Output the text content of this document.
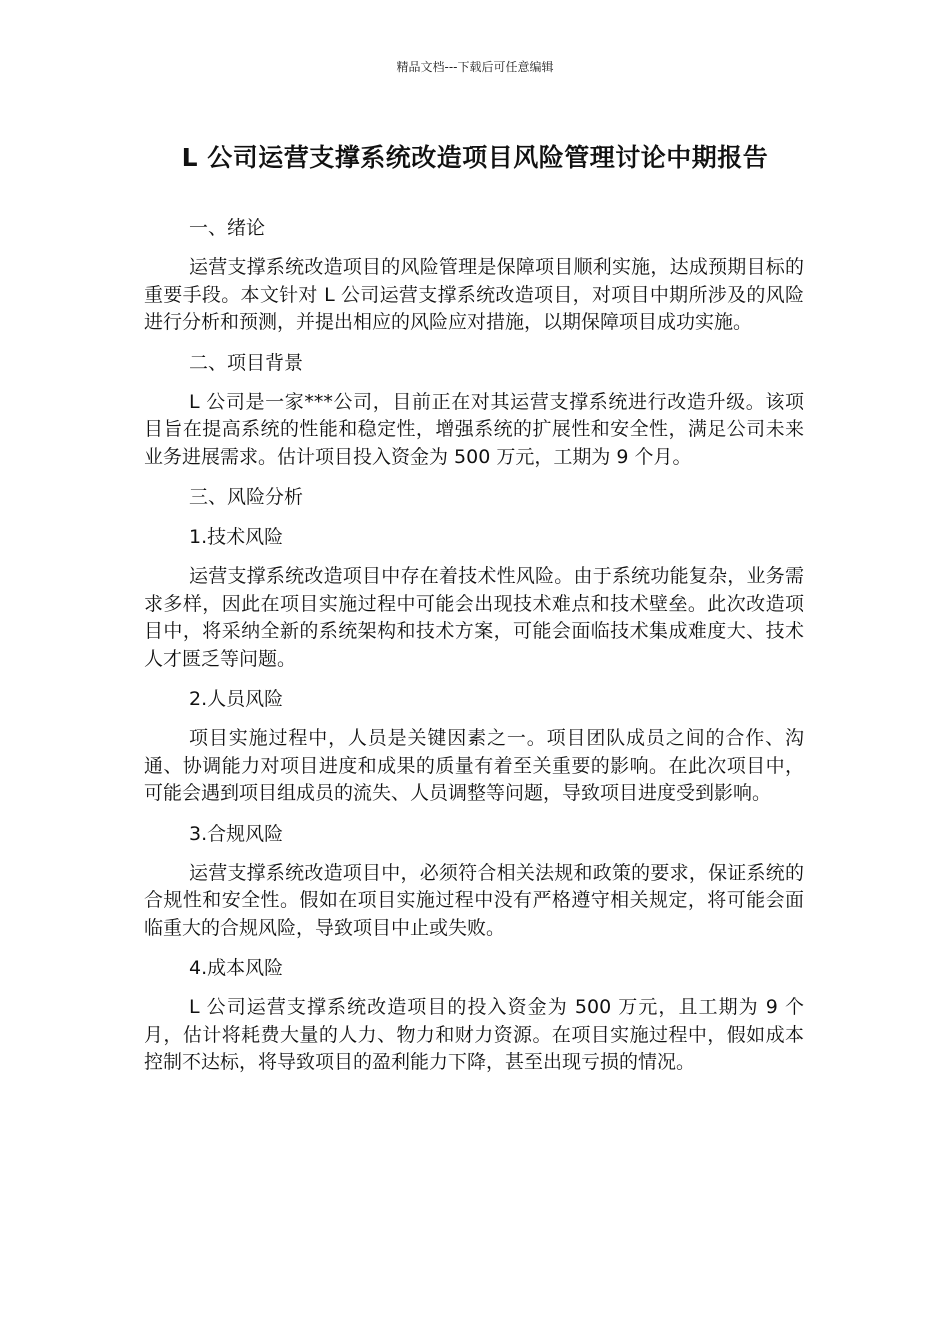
精品文档---下载后可任意编辑
L 公司运营支撑系统改造项目风险管理讨论中期报告
一、绪论
运营支撑系统改造项目的风险管理是保障项目顺利实施，达成预期目标的重要手段。本文针对 L 公司运营支撑系统改造项目，对项目中期所涉及的风险进行分析和预测，并提出相应的风险应对措施，以期保障项目成功实施。
二、项目背景
L 公司是一家***公司，目前正在对其运营支撑系统进行改造升级。该项目旨在提高系统的性能和稳定性，增强系统的扩展性和安全性，满足公司未来业务进展需求。估计项目投入资金为 500 万元，工期为 9 个月。
三、风险分析
1.技术风险
运营支撑系统改造项目中存在着技术性风险。由于系统功能复杂，业务需求多样，因此在项目实施过程中可能会出现技术难点和技术壁垒。此次改造项目中，将采纳全新的系统架构和技术方案，可能会面临技术集成难度大、技术人才匮乏等问题。
2.人员风险
项目实施过程中，人员是关键因素之一。项目团队成员之间的合作、沟通、协调能力对项目进度和成果的质量有着至关重要的影响。在此次项目中，可能会遇到项目组成员的流失、人员调整等问题，导致项目进度受到影响。
3.合规风险
运营支撑系统改造项目中，必须符合相关法规和政策的要求，保证系统的合规性和安全性。假如在项目实施过程中没有严格遵守相关规定，将可能会面临重大的合规风险，导致项目中止或失败。
4.成本风险
L 公司运营支撑系统改造项目的投入资金为 500 万元，且工期为 9 个月，估计将耗费大量的人力、物力和财力资源。在项目实施过程中，假如成本控制不达标，将导致项目的盈利能力下降，甚至出现亏损的情况。
